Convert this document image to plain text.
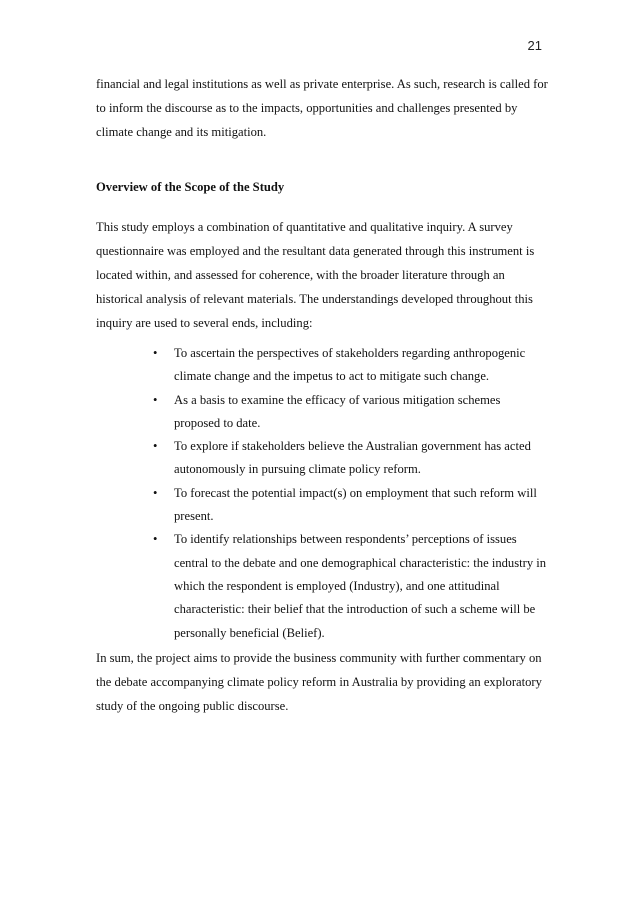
21

financial and legal institutions as well as private enterprise. As such, research is called for to inform the discourse as to the impacts, opportunities and challenges presented by climate change and its mitigation.

Overview of the Scope of the Study

This study employs a combination of quantitative and qualitative inquiry. A survey questionnaire was employed and the resultant data generated through this instrument is located within, and assessed for coherence, with the broader literature through an historical analysis of relevant materials. The understandings developed throughout this inquiry are used to several ends, including:

• To ascertain the perspectives of stakeholders regarding anthropogenic climate change and the impetus to act to mitigate such change.
• As a basis to examine the efficacy of various mitigation schemes proposed to date.
• To explore if stakeholders believe the Australian government has acted autonomously in pursuing climate policy reform.
• To forecast the potential impact(s) on employment that such reform will present.
• To identify relationships between respondents’ perceptions of issues central to the debate and one demographical characteristic: the industry in which the respondent is employed (Industry), and one attitudinal characteristic: their belief that the introduction of such a scheme will be personally beneficial (Belief).

In sum, the project aims to provide the business community with further commentary on the debate accompanying climate policy reform in Australia by providing an exploratory study of the ongoing public discourse.
